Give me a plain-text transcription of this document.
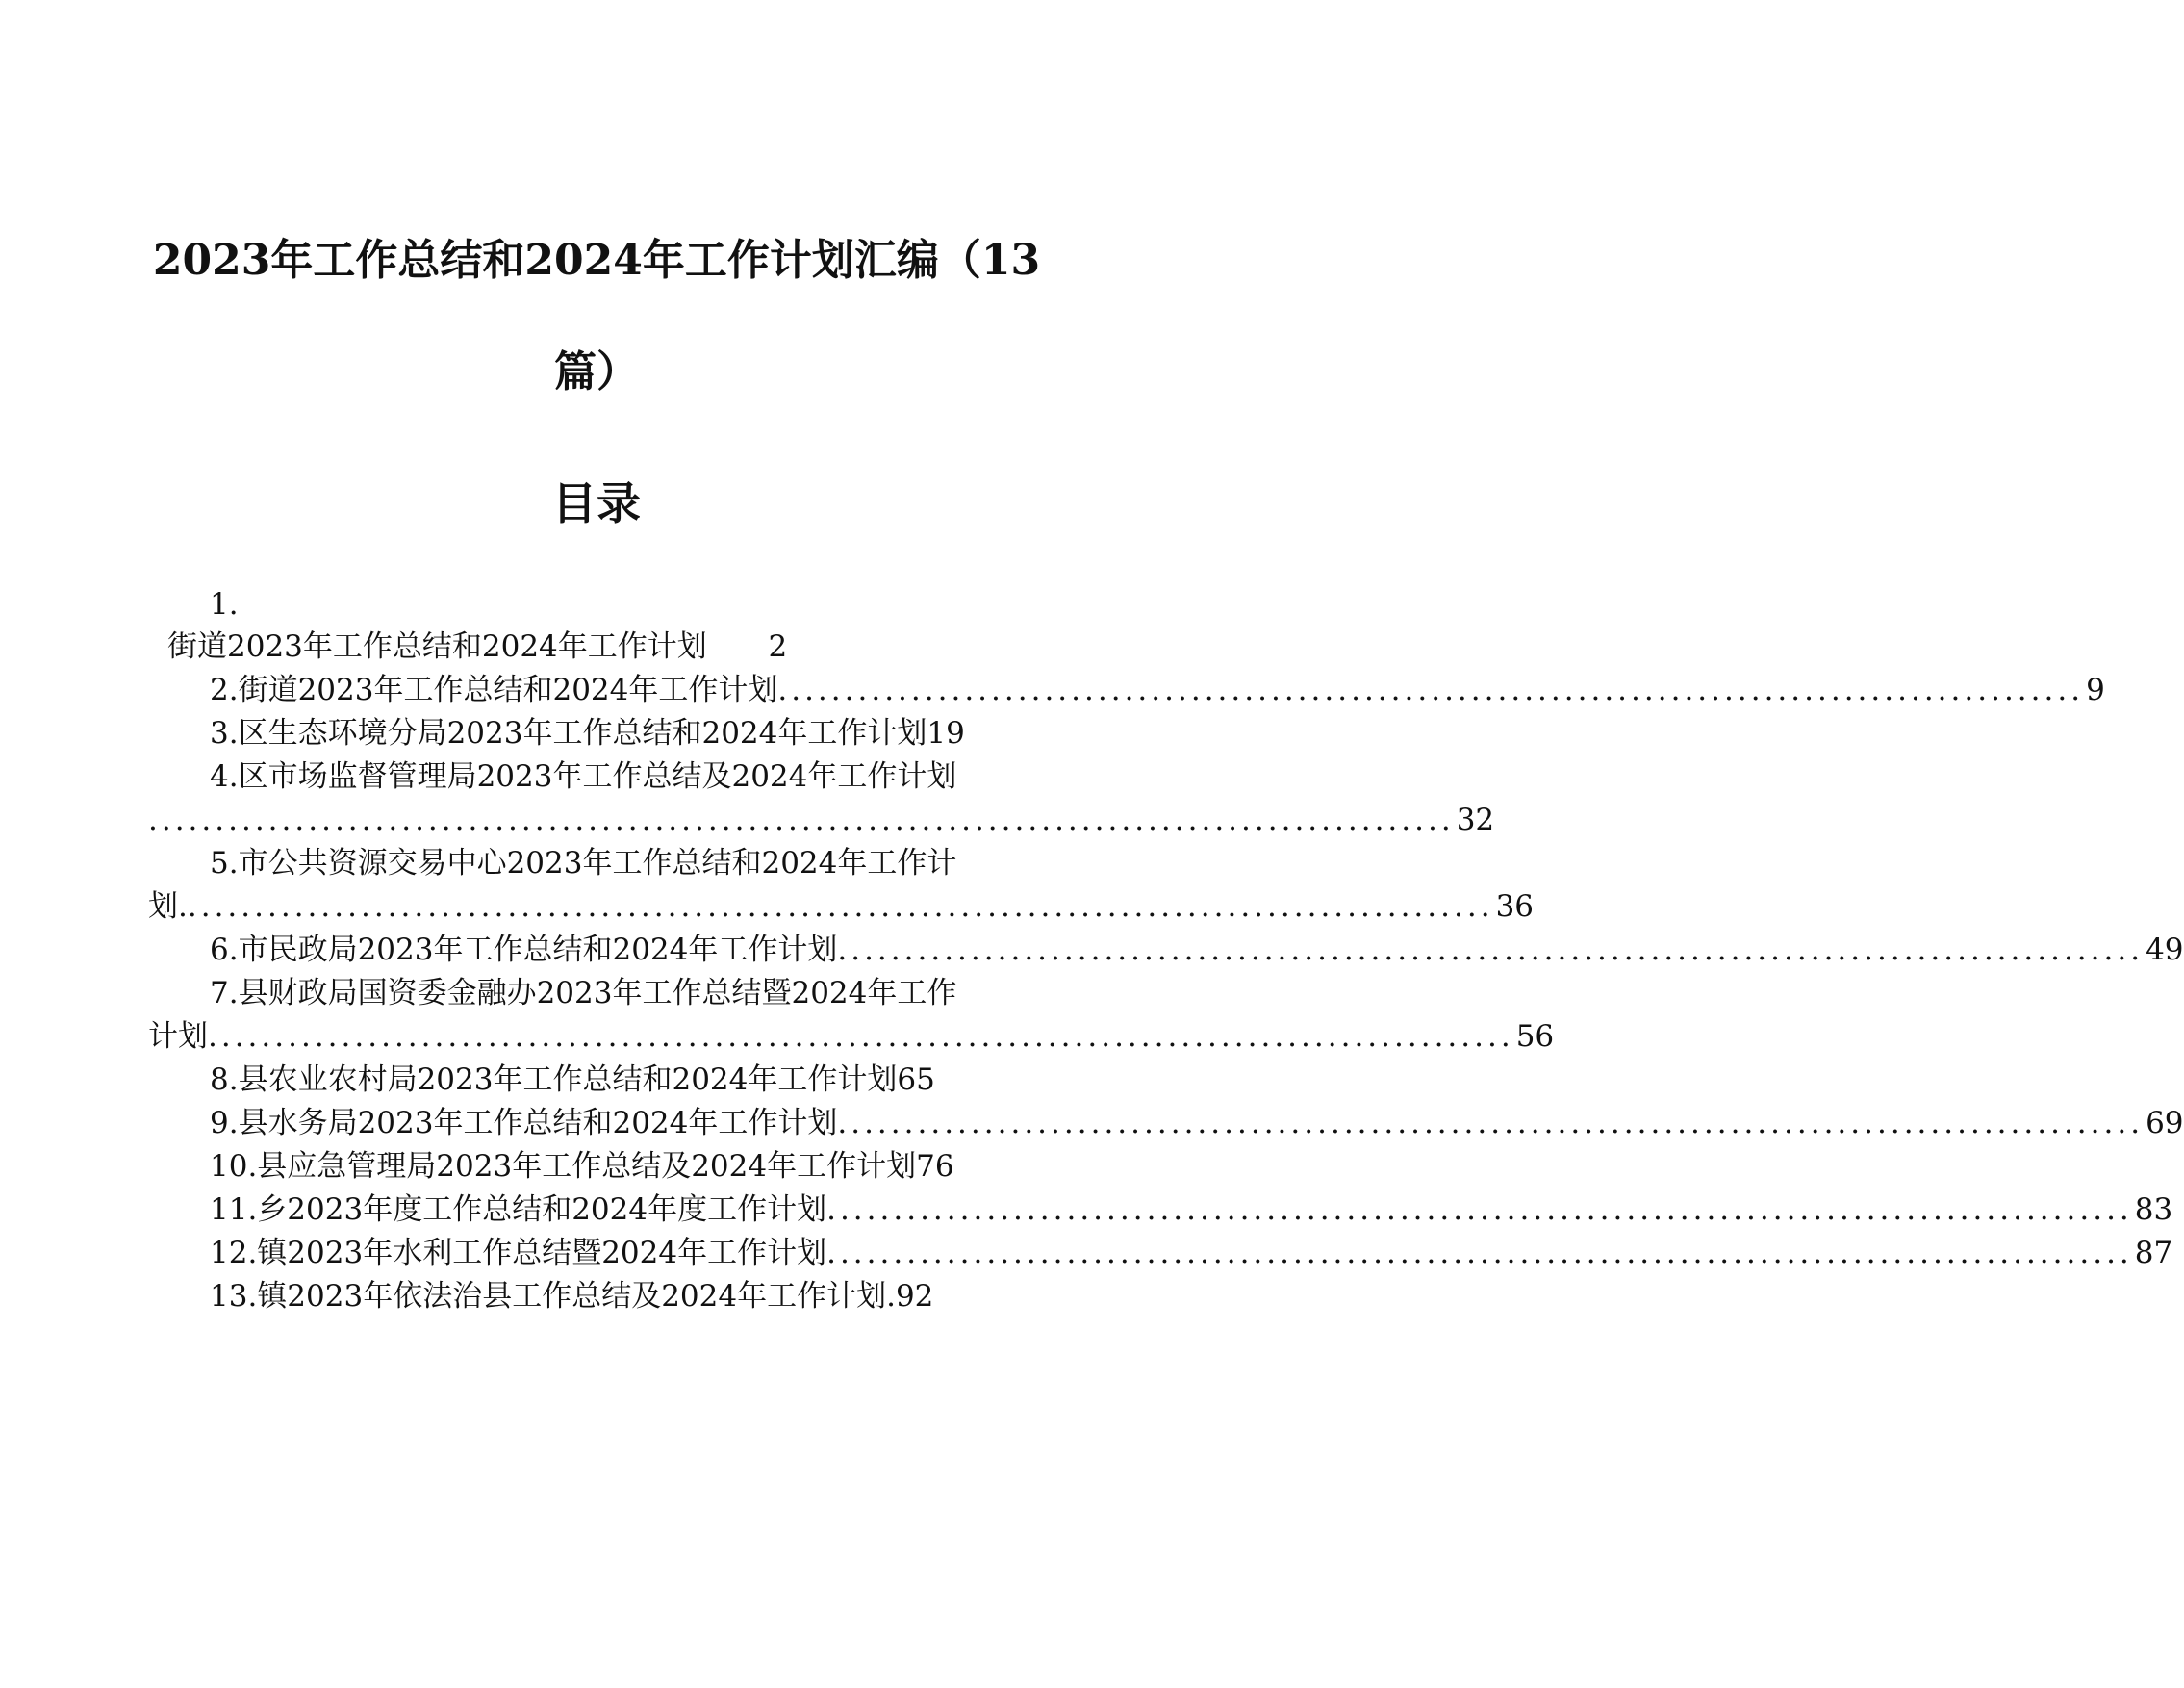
2023年工作总结和2024年工作计划汇编（13
篇）
目录
1.
街道2023年工作总结和2024年工作计划 2
2.街道2023年工作总结和2024年工作计划 .................................................................................................. 9
3.区生态环境分局2023年工作总结和2024年工作计划19
4.区市场监督管理局2023年工作总结及2024年工作计划
.................................................................................................. 32
5.市公共资源交易中心2023年工作总结和2024年工作计
划. .................................................................................................. 36
6.市民政局2023年工作总结和2024年工作计划 .................................................................................................. 49
7.县财政局国资委金融办2023年工作总结暨2024年工作
计划 .................................................................................................. 56
8.县农业农村局2023年工作总结和2024年工作计划65
9.县水务局2023年工作总结和2024年工作计划 .................................................................................................. 69
10.县应急管理局2023年工作总结及2024年工作计划76
11.乡2023年度工作总结和2024年度工作计划 .................................................................................................. 83
12.镇2023年水利工作总结暨2024年工作计划 .................................................................................................. 87
13.镇2023年依法治县工作总结及2024年工作计划.92
